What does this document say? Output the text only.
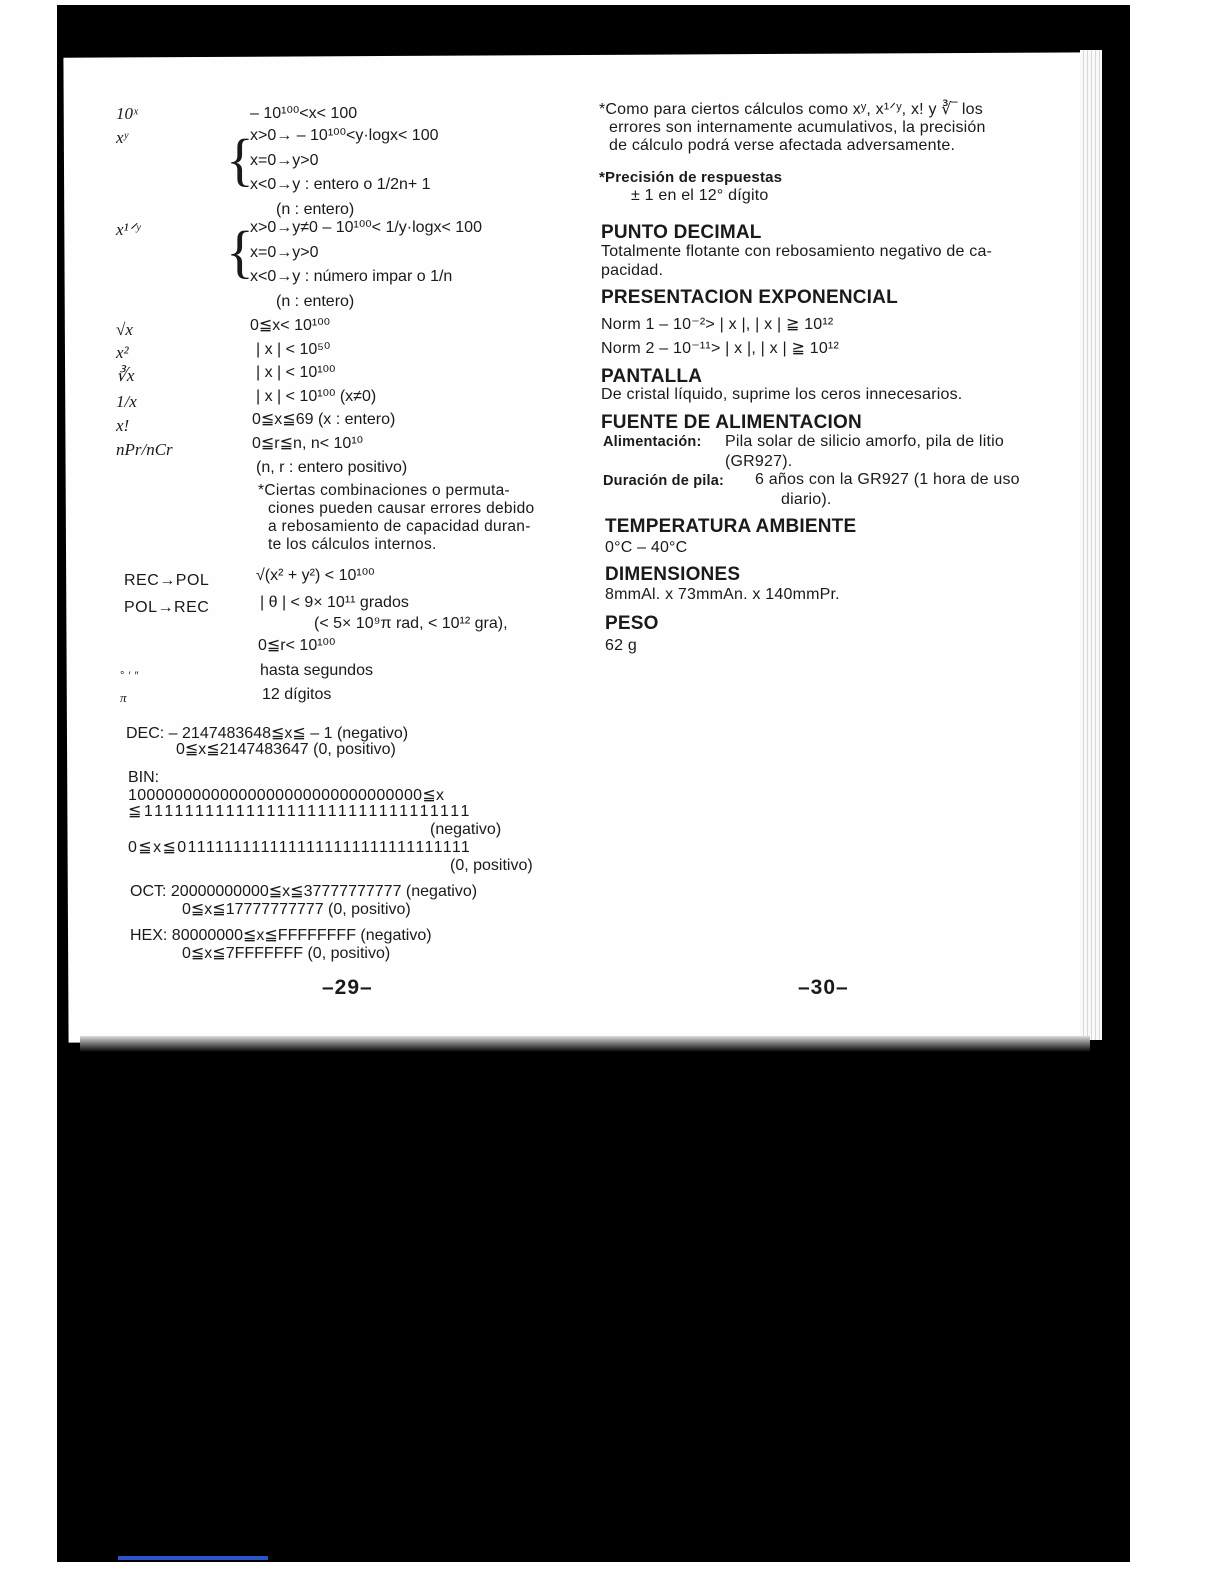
10ˣ	– 10¹⁰⁰<x< 100
xʸ {
x>0→ – 10¹⁰⁰<y·logx< 100
x=0→y>0
x<0→y : entero o 1/2n+ 1
(n : entero)
x¹ᐟʸ {
x>0→y≠0 – 10¹⁰⁰< 1/y·logx< 100
x=0→y>0
x<0→y : número impar o 1/n
(n : entero)
√x	0≦x< 10¹⁰⁰
x²	| x | < 10⁵⁰
∛x	| x | < 10¹⁰⁰
1/x	| x | < 10¹⁰⁰ (x≠0)
x!	0≦x≦69 (x : entero)
nPr/nCr	0≦r≦n, n< 10¹⁰
(n, r : entero positivo)
*Ciertas combinaciones o permuta-
ciones pueden causar errores debido
a rebosamiento de capacidad duran-
te los cálculos internos.
REC→POL	√(x² + y²) < 10¹⁰⁰
POL→REC	| θ | < 9× 10¹¹ grados
(< 5× 10⁹π rad, < 10¹² gra),
0≦r< 10¹⁰⁰
° ′ ″	hasta segundos
π	12 dígitos
DEC: – 2147483648≦x≦ – 1 (negativo)
0≦x≦2147483647 (0, positivo)
BIN:
10000000000000000000000000000000≦x
≦11111111111111111111111111111111
(negativo)
0≦x≦01111111111111111111111111111111
(0, positivo)
OCT: 20000000000≦x≦37777777777 (negativo)
0≦x≦17777777777 (0, positivo)
HEX: 80000000≦x≦FFFFFFFF (negativo)
0≦x≦7FFFFFFF (0, positivo)
–29–
*Como para ciertos cálculos como xʸ, x¹ᐟʸ, x! y ∛‾ los
errores son internamente acumulativos, la precisión
de cálculo podrá verse afectada adversamente.
*Precisión de respuestas
± 1 en el 12° dígito
PUNTO DECIMAL
Totalmente flotante con rebosamiento negativo de ca-
pacidad.
PRESENTACION EXPONENCIAL
Norm 1 – 10⁻²> | x |, | x | ≧ 10¹²
Norm 2 – 10⁻¹¹> | x |, | x | ≧ 10¹²
PANTALLA
De cristal líquido, suprime los ceros innecesarios.
FUENTE DE ALIMENTACION
Alimentación: Pila solar de silicio amorfo, pila de litio
(GR927).
Duración de pila: 6 años con la GR927 (1 hora de uso
diario).
TEMPERATURA AMBIENTE
0°C – 40°C
DIMENSIONES
8mmAl. x 73mmAn. x 140mmPr.
PESO
62 g
–30–
